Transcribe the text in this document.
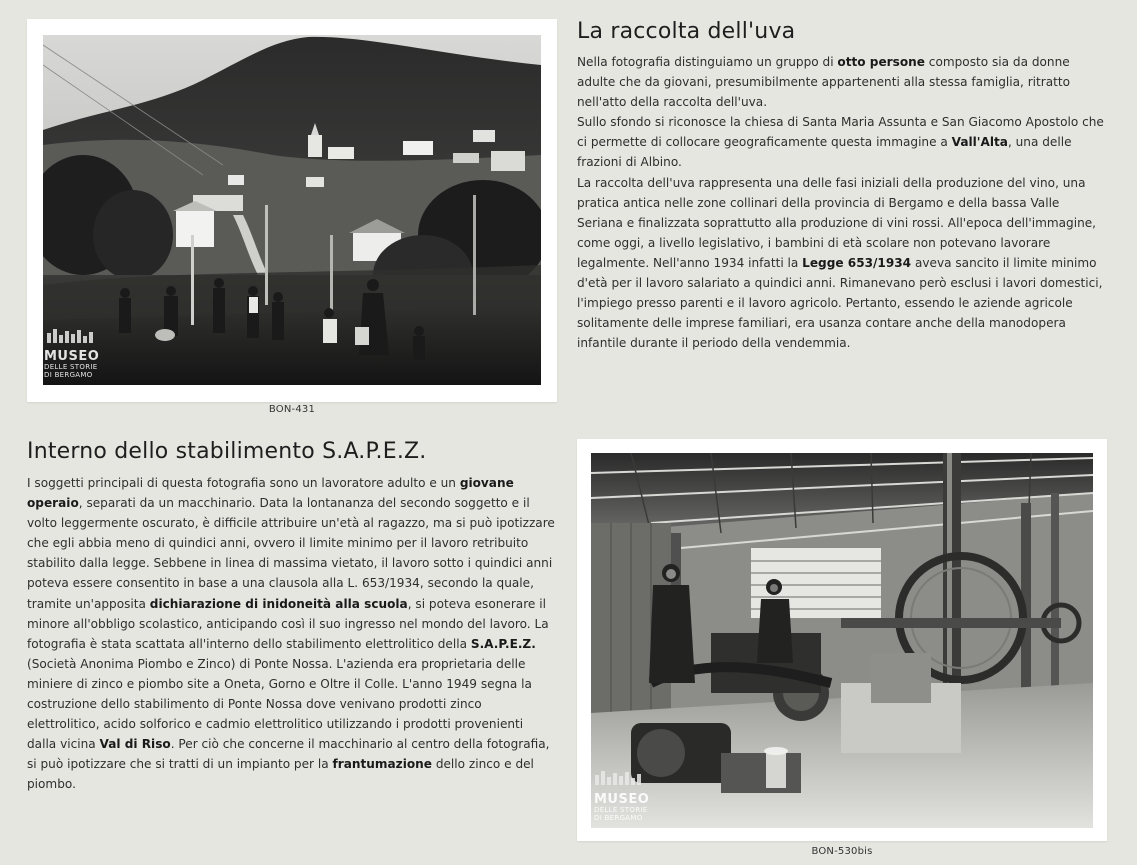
MUSEO
DELLE STORIE
DI BERGAMO
BON-431
La raccolta dell'uva
Nella fotografia distinguiamo un gruppo di otto persone composto sia da donne adulte che da giovani, presumibilmente appartenenti alla stessa famiglia, ritratto nell'atto della raccolta dell'uva.
Sullo sfondo si riconosce la chiesa di Santa Maria Assunta e San Giacomo Apostolo che ci permette di collocare geograficamente questa immagine a Vall'Alta, una delle frazioni di Albino.
La raccolta dell'uva rappresenta una delle fasi iniziali della produzione del vino, una pratica antica nelle zone collinari della provincia di Bergamo e della bassa Valle Seriana e finalizzata soprattutto alla produzione di vini rossi. All'epoca dell'immagine, come oggi, a livello legislativo, i bambini di età scolare non potevano lavorare legalmente. Nell'anno 1934 infatti la Legge 653/1934 aveva sancito il limite minimo d'età per il lavoro salariato a quindici anni. Rimanevano però esclusi i lavori domestici, l'impiego presso parenti e il lavoro agricolo. Pertanto, essendo le aziende agricole solitamente delle imprese familiari, era usanza contare anche della manodopera infantile durante il periodo della vendemmia.
Interno dello stabilimento S.A.P.E.Z.
I soggetti principali di questa fotografia sono un lavoratore adulto e un giovane operaio, separati da un macchinario. Data la lontananza del secondo soggetto e il volto leggermente oscurato, è difficile attribuire un'età al ragazzo, ma si può ipotizzare che egli abbia meno di quindici anni, ovvero il limite minimo per il lavoro retribuito stabilito dalla legge. Sebbene in linea di massima vietato, il lavoro sotto i quindici anni poteva essere consentito in base a una clausola alla L. 653/1934, secondo la quale, tramite un'apposita dichiarazione di inidoneità alla scuola, si poteva esonerare il minore all'obbligo scolastico, anticipando così il suo ingresso nel mondo del lavoro. La fotografia è stata scattata all'interno dello stabilimento elettrolitico della S.A.P.E.Z. (Società Anonima Piombo e Zinco) di Ponte Nossa. L'azienda era proprietaria delle miniere di zinco e piombo site a Oneta, Gorno e Oltre il Colle. L'anno 1949 segna la costruzione dello stabilimento di Ponte Nossa dove venivano prodotti zinco elettrolitico, acido solforico e cadmio elettrolitico utilizzando i prodotti provenienti dalla vicina Val di Riso. Per ciò che concerne il macchinario al centro della fotografia, si può ipotizzare che si tratti di un impianto per la frantumazione dello zinco e del piombo.
MUSEO
DELLE STORIE
DI BERGAMO
BON-530bis
